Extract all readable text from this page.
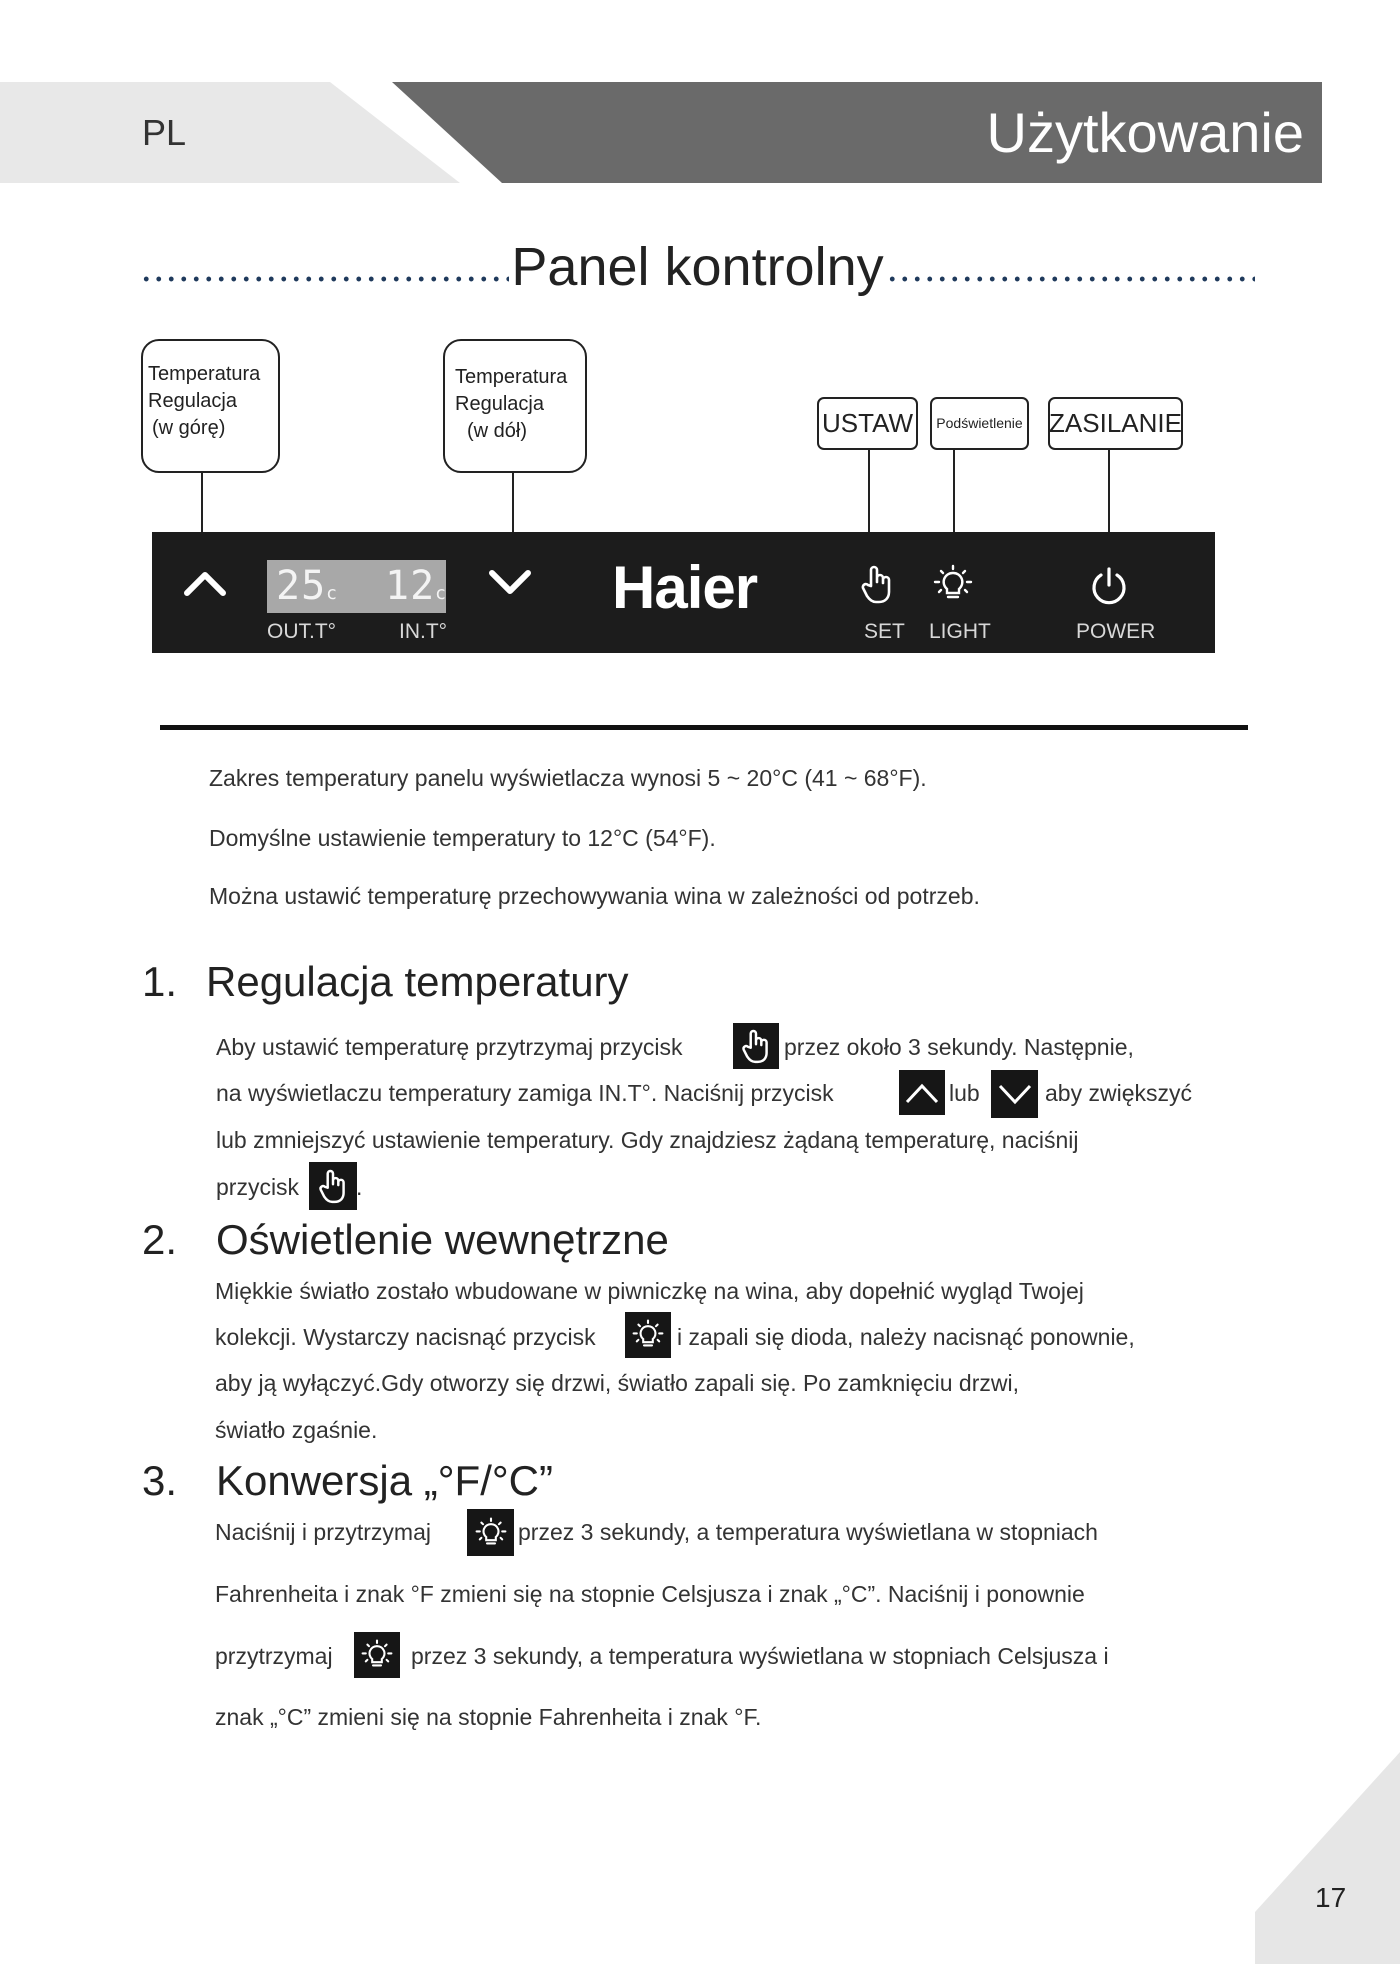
PL	Użytkowanie
Panel kontrolny
Temperatura
Regulacja
(w górę)
Temperatura
Regulacja
(w dół)	USTAW	Podświetlenie ZASILANIE
25c 12c
OUT.T°	IN.T°
Haier
SET LIGHT	POWER
Zakres temperatury panelu wyświetlacza wynosi 5 ~ 20°C (41 ~ 68°F).
Domyślne ustawienie temperatury to 12°C (54°F).
Można ustawić temperaturę przechowywania wina w zależności od potrzeb.
1. Regulacja temperatury
Aby ustawić temperaturę przytrzymaj przycisk	przez około 3 sekundy. Następnie,
na wyświetlaczu temperatury zamiga IN.T°. Naciśnij przycisk	lub	aby zwiększyć
lub zmniejszyć ustawienie temperatury. Gdy znajdziesz żądaną temperaturę, naciśnij
przycisk .
2. Oświetlenie wewnętrzne
Miękkie światło zostało wbudowane w piwniczkę na wina, aby dopełnić wygląd Twojej
kolekcji. Wystarczy nacisnąć przycisk	i zapali się dioda, należy nacisnąć ponownie,
aby ją wyłączyć.Gdy otworzy się drzwi, światło zapali się. Po zamknięciu drzwi,
światło zgaśnie.
3. Konwersja „°F/°C”
Naciśnij i przytrzymaj	przez 3 sekundy, a temperatura wyświetlana w stopniach
Fahrenheita i znak °F zmieni się na stopnie Celsjusza i znak „°C”. Naciśnij i ponownie
przytrzymaj	przez 3 sekundy, a temperatura wyświetlana w stopniach Celsjusza i
znak „°C” zmieni się na stopnie Fahrenheita i znak °F.
17
